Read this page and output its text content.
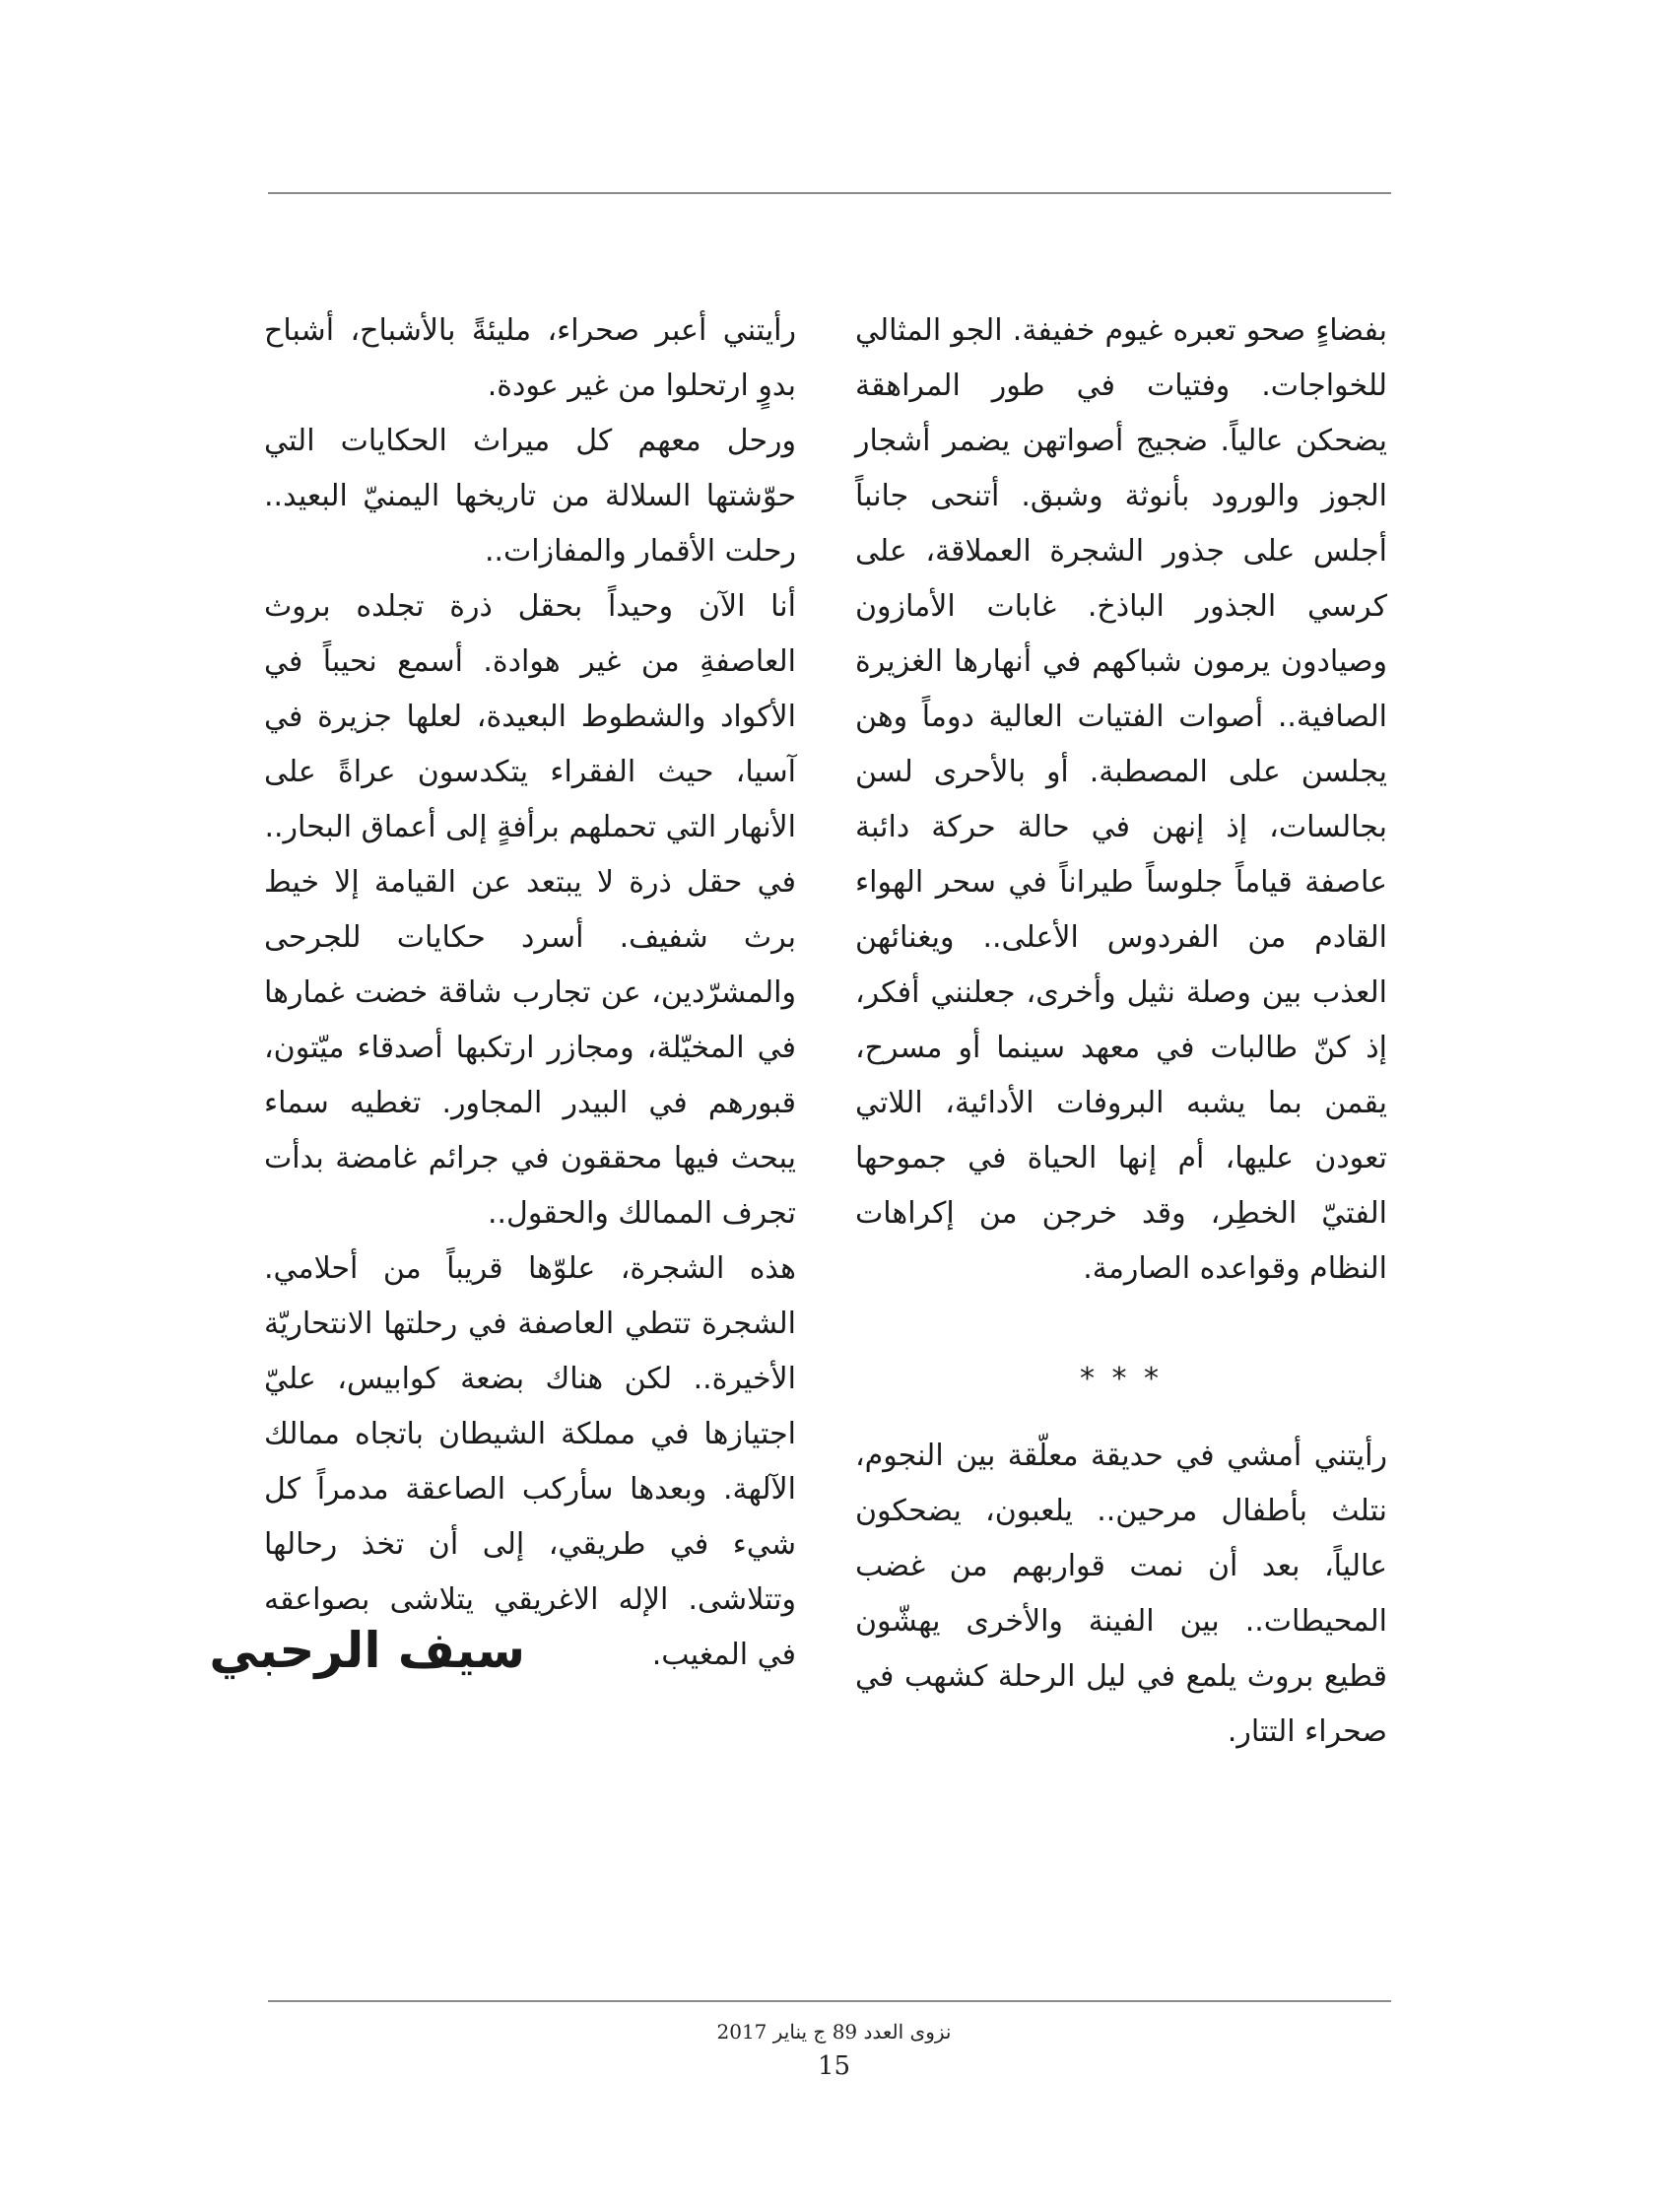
بفضاءٍ صحو تعبره غيوم خفيفة. الجو المثالي للخواجات. وفتيات في طور المراهقة يضحكن عالياً. ضجيج أصواتهن يضمر أشجار الجوز والورود بأنوثة وشبق. أتنحى جانباً أجلس على جذور الشجرة العملاقة، على كرسي الجذور الباذخ. غابات الأمازون وصيادون يرمون شباكهم في أنهارها الغزيرة الصافية.. أصوات الفتيات العالية دوماً وهن يجلسن على المصطبة. أو بالأحرى لسن بجالسات، إذ إنهن في حالة حركة دائبة عاصفة قياماً جلوساً طيراناً في سحر الهواء القادم من الفردوس الأعلى.. ويغنائهن العذب بين وصلة نثيل وأخرى، جعلنني أفكر، إذ كنّ طالبات في معهد سينما أو مسرح، يقمن بما يشبه البروفات الأدائية، اللاتي تعودن عليها، أم إنها الحياة في جموحها الفتيّ الخطِر، وقد خرجن من إكراهات النظام وقواعده الصارمة.

* * *

رأيتني أمشي في حديقة معلّقة بين النجوم، نتلث بأطفال مرحين.. يلعبون، يضحكون عالياً، بعد أن نمت قواربهم من غضب المحيطات.. بين الفينة والأخرى يهشّون قطيع بروث يلمع في ليل الرحلة كشهب في صحراء التتار.

رأيتني أعبر صحراء، مليئةً بالأشباح، أشباح بدوٍ ارتحلوا من غير عودة.

ورحل معهم كل ميراث الحكايات التي حوّشتها السلالة من تاريخها اليمنيّ البعيد.. رحلت الأقمار والمفازات..

أنا الآن وحيداً بحقل ذرة تجلده بروث العاصفةِ من غير هوادة. أسمع نحيباً في الأكواد والشطوط البعيدة، لعلها جزيرة في آسيا، حيث الفقراء يتكدسون عراةً على الأنهار التي تحملهم برأفةٍ إلى أعماق البحار..

في حقل ذرة لا يبتعد عن القيامة إلا خيط برث شفيف. أسرد حكايات للجرحى والمشرّدين، عن تجارب شاقة خضت غمارها في المخيّلة، ومجازر ارتكبها أصدقاء ميّتون، قبورهم في البيدر المجاور. تغطيه سماء يبحث فيها محققون في جرائم غامضة بدأت تجرف الممالك والحقول..

هذه الشجرة، علوّها قريباً من أحلامي. الشجرة تتطي العاصفة في رحلتها الانتحاريّة الأخيرة.. لكن هناك بضعة كوابيس، عليّ اجتيازها في مملكة الشيطان باتجاه ممالك الآلهة. وبعدها سأركب الصاعقة مدمراً كل شيء في طريقي، إلى أن تخذ رحالها وتتلاشى. الإله الاغريقي يتلاشى بصواعقه في المغيب.

سيف الرحبي
نزوى العدد 89 ج يناير 2017
15
